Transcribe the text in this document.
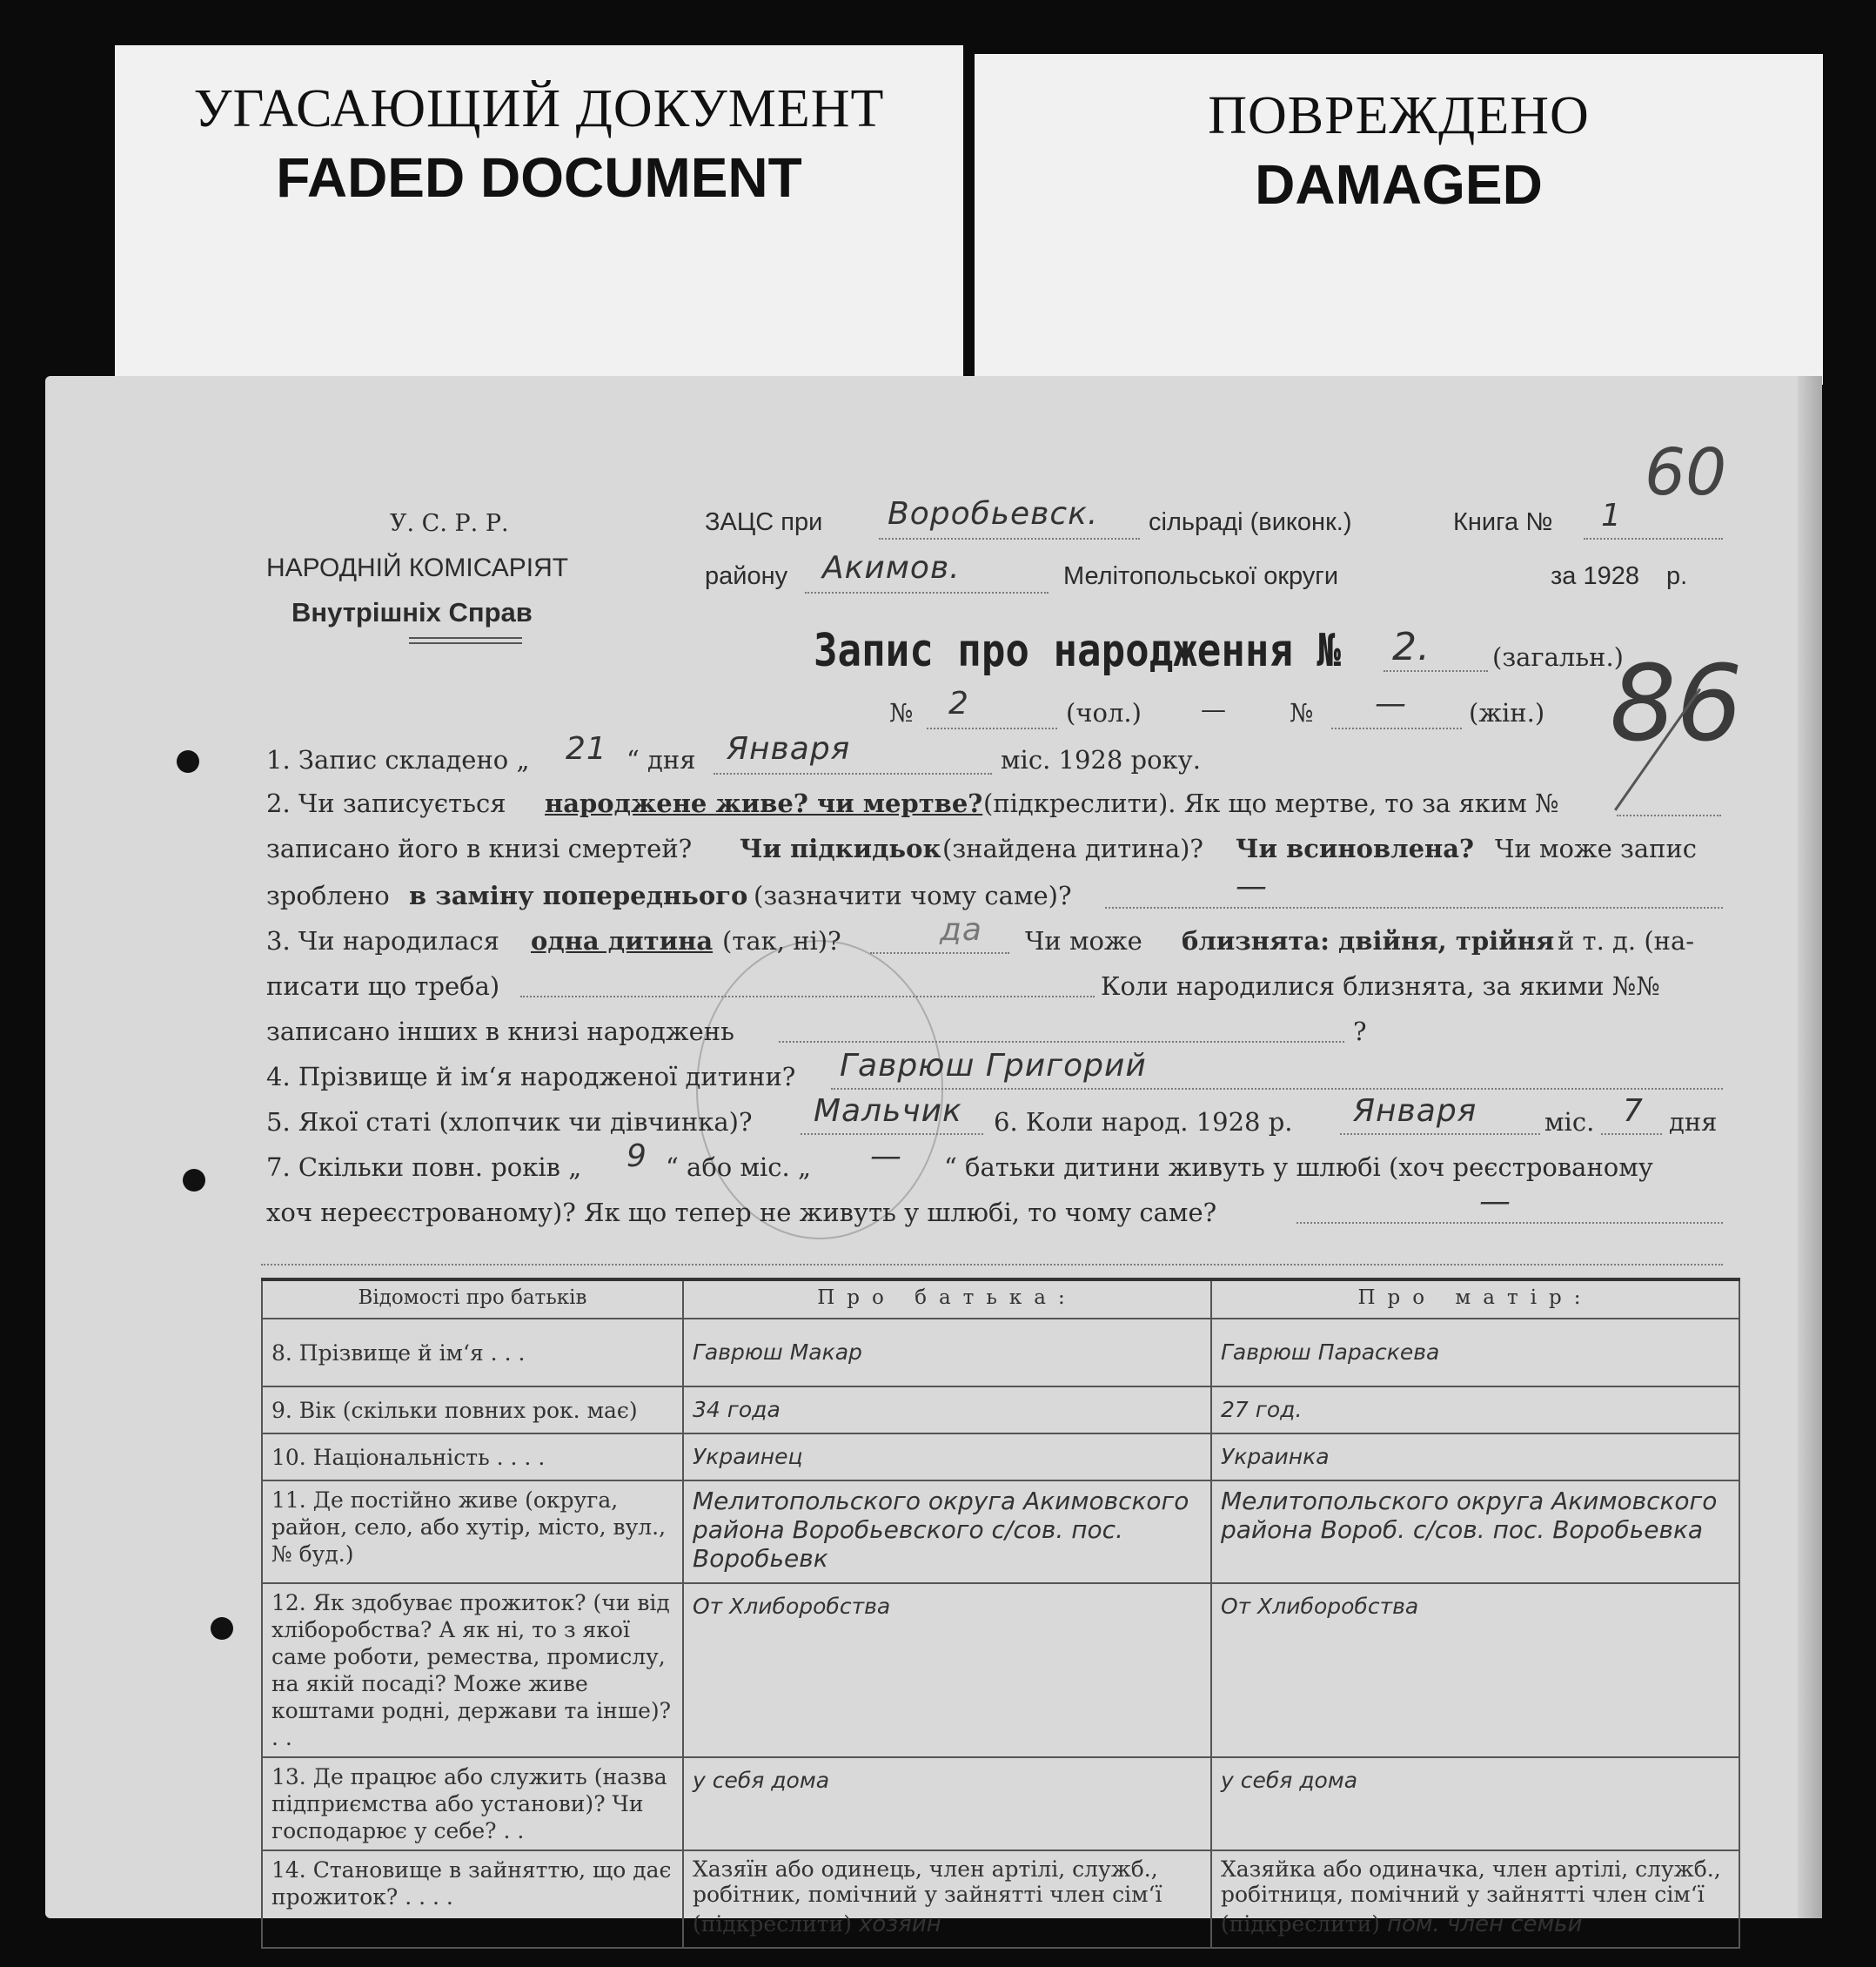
УГАСАЮЩИЙ ДОКУМЕНТ
FADED DOCUMENT
ПОВРЕЖДЕНО
DAMAGED
60
У. С. Р. Р.
НАРОДНІЙ КОМІСАРІЯТ
Внутрішніх Справ
ЗАЦС при Воробьевск. сільраді (виконк.)	Книга № 1
району Акимов.	Мелітопольської округи	за 1928 р.
Запис про народження № 2. (загальн.)
№ 2	(чол.) —	№ — (жін.) 86
1. Запис складено „ 21 “ дня Января	міс. 1928 року.
2. Чи записується народжене живе? чи мертве? (підкреслити). Як що мертве, то за яким №
записано його в книзі смертей? Чи підкидьок (знайдена дитина)? Чи всиновлена? Чи може запис
зроблено в заміну попереднього (зазначити чому саме)?	—
3. Чи народилася одна дитина (так, ні)?	да Чи може близнята: двійня, трійня й т. д. (на-
писати що треба)	Коли народилися близнята, за якими №№
записано інших в книзі народжень	?
4. Прізвище й ім‘я народженої дитини? Гаврюш Григорий
5. Якої статі (хлопчик чи дівчинка)? Мальчик 6. Коли народ. 1928 р. Января	міс. 7 дня
7. Скільки повн. років „ 9 “ або міс. „ — “ батьки дитини живуть у шлюбі (хоч реєстрованому
хоч нереєстрованому)? Як що тепер не живуть у шлюбі, то чому саме?	—
Відомості про батьків	Про батька:	Про матір:
8. Прізвище й ім‘я . . .	Гаврюш Макар	Гаврюш Параскева
9. Вік (скільки повних рок. має)	34 года	27 год.
10. Національність . . . .	Украинец	Украинка
11. Де постійно живе (округа, район, село, або хутір, місто, вул., № буд.)	Мелитопольского округа Акимовского района Воробьевского с/сов. пос. Воробьевк	Мелитопольского округа Акимовского района Вороб. с/сов. пос. Воробьевка
12. Як здобуває прожиток? (чи від хліборобства? А як ні, то з якої саме роботи, ремества, промислу, на якій посаді? Може живе коштами родні, держави та інше)? . .	От Хлиборобства	От Хлиборобства
13. Де працює або служить (назва підприємства або установи)? Чи господарює у себе? . .	у себя дома	у себя дома
14. Становище в зайняттю, що дає прожиток? . . . .	Хазяїн або одинець, член артілі, служб., робітник, помічний у зайнятті член сім‘ї (підкреслити) хозяин	Хазяйка або одиначка, член артілі, служб., робітниця, помічний у зайнятті член сім‘ї (підкреслити) пом. член семьи
